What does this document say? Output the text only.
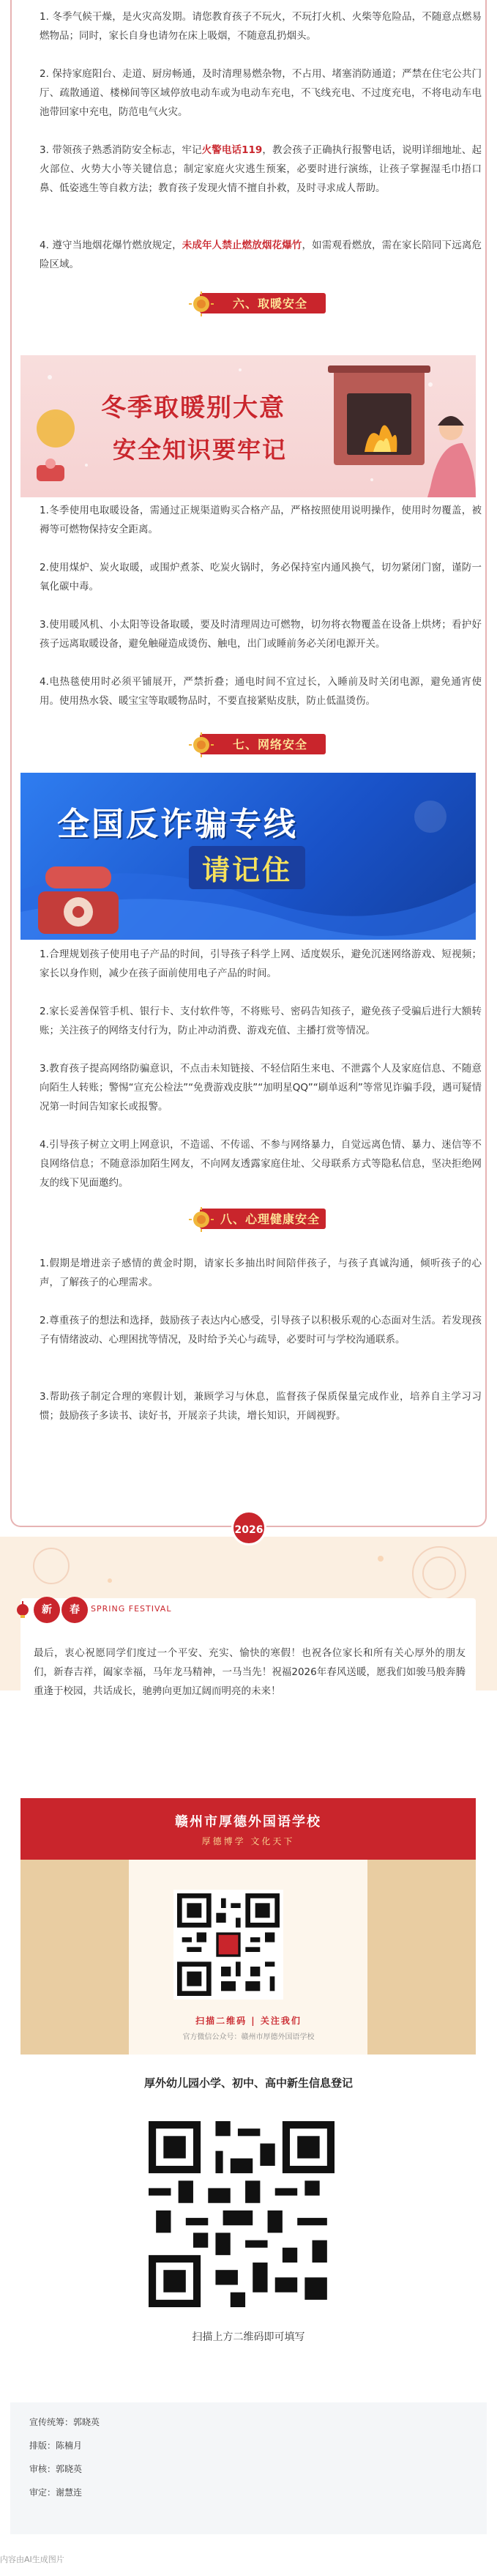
1. 冬季气候干燥，是火灾高发期。请您教育孩子不玩火，不玩打火机、火柴等危险品，不随意点燃易燃物品；同时，家长自身也请勿在床上吸烟，不随意乱扔烟头。
2. 保持家庭阳台、走道、厨房畅通，及时清理易燃杂物，不占用、堵塞消防通道；严禁在住宅公共门厅、疏散通道、楼梯间等区域停放电动车或为电动车充电，不飞线充电、不过度充电，不将电动车电池带回家中充电，防范电气火灾。
3. 带领孩子熟悉消防安全标志，牢记火警电话119，教会孩子正确执行报警电话，说明详细地址、起火部位、火势大小等关键信息；制定家庭火灾逃生预案，必要时进行演练，让孩子掌握湿毛巾捂口鼻、低姿逃生等自救方法；教育孩子发现火情不擅自扑救，及时寻求成人帮助。
4. 遵守当地烟花爆竹燃放规定，未成年人禁止燃放烟花爆竹，如需观看燃放，需在家长陪同下远离危险区域。
六、取暖安全
1.冬季使用电取暖设备，需通过正规渠道购买合格产品，严格按照使用说明操作，使用时勿覆盖，被褥等可燃物保持安全距离。
2.使用煤炉、炭火取暖，或围炉煮茶、吃炭火锅时，务必保持室内通风换气，切勿紧闭门窗，谨防一氧化碳中毒。
3.使用暖风机、小太阳等设备取暖，要及时清理周边可燃物，切勿将衣物覆盖在设备上烘烤；看护好孩子远离取暖设备，避免触碰造成烫伤、触电，出门或睡前务必关闭电源开关。
4.电热毯使用时必须平铺展开，严禁折叠；通电时间不宜过长，入睡前及时关闭电源，避免通宵使用。使用热水袋、暖宝宝等取暖物品时，不要直接紧贴皮肤，防止低温烫伤。
七、网络安全
1.合理规划孩子使用电子产品的时间，引导孩子科学上网、适度娱乐，避免沉迷网络游戏、短视频；家长以身作则，减少在孩子面前使用电子产品的时间。
2.家长妥善保管手机、银行卡、支付软件等，不将账号、密码告知孩子，避免孩子受骗后进行大额转账；关注孩子的网络支付行为，防止冲动消费、游戏充值、主播打赏等情况。
3.教育孩子提高网络防骗意识，不点击未知链接、不轻信陌生来电、不泄露个人及家庭信息、不随意向陌生人转账；警惕“宣充公检法”“免费游戏皮肤”“加明星QQ”“刷单返利”等常见诈骗手段，遇可疑情况第一时间告知家长或报警。
4.引导孩子树立文明上网意识，不造谣、不传谣、不参与网络暴力，自觉远离色情、暴力、迷信等不良网络信息；不随意添加陌生网友，不向网友透露家庭住址、父母联系方式等隐私信息，坚决拒绝网友的线下见面邀约。
八、心理健康安全
1.假期是增进亲子感情的黄金时期，请家长多抽出时间陪伴孩子，与孩子真诚沟通，倾听孩子的心声，了解孩子的心理需求。
2.尊重孩子的想法和选择，鼓励孩子表达内心感受，引导孩子以积极乐观的心态面对生活。若发现孩子有情绪波动、心理困扰等情况，及时给予关心与疏导，必要时可与学校沟通联系。
3.帮助孩子制定合理的寒假计划，兼顾学习与休息，监督孩子保质保量完成作业，培养自主学习习惯；鼓励孩子多读书、读好书，开展亲子共读，增长知识，开阔视野。
冬季取暖别大意
安全知识要牢记
全国反诈骗专线
请记住
2026
新	春	SPRING FESTIVAL
最后，衷心祝愿同学们度过一个平安、充实、愉快的寒假！也祝各位家长和所有关心厚外的朋友们，新春吉祥，阖家幸福，马年龙马精神，一马当先！祝福2026年春风送暖，愿我们如骏马般奔腾重逢于校园，共话成长，驰骋向更加辽阔而明亮的未来！
赣州市厚德外国语学校
厚德博学 文化天下
扫描二维码 | 关注我们
官方微信公众号：赣州市厚德外国语学校
厚外幼儿园小学、初中、高中新生信息登记
扫描上方二维码即可填写
宣传统筹：郭晓英
排版：陈楠月
审核：郭晓英
审定：谢慧连
内容由AI生成图片
